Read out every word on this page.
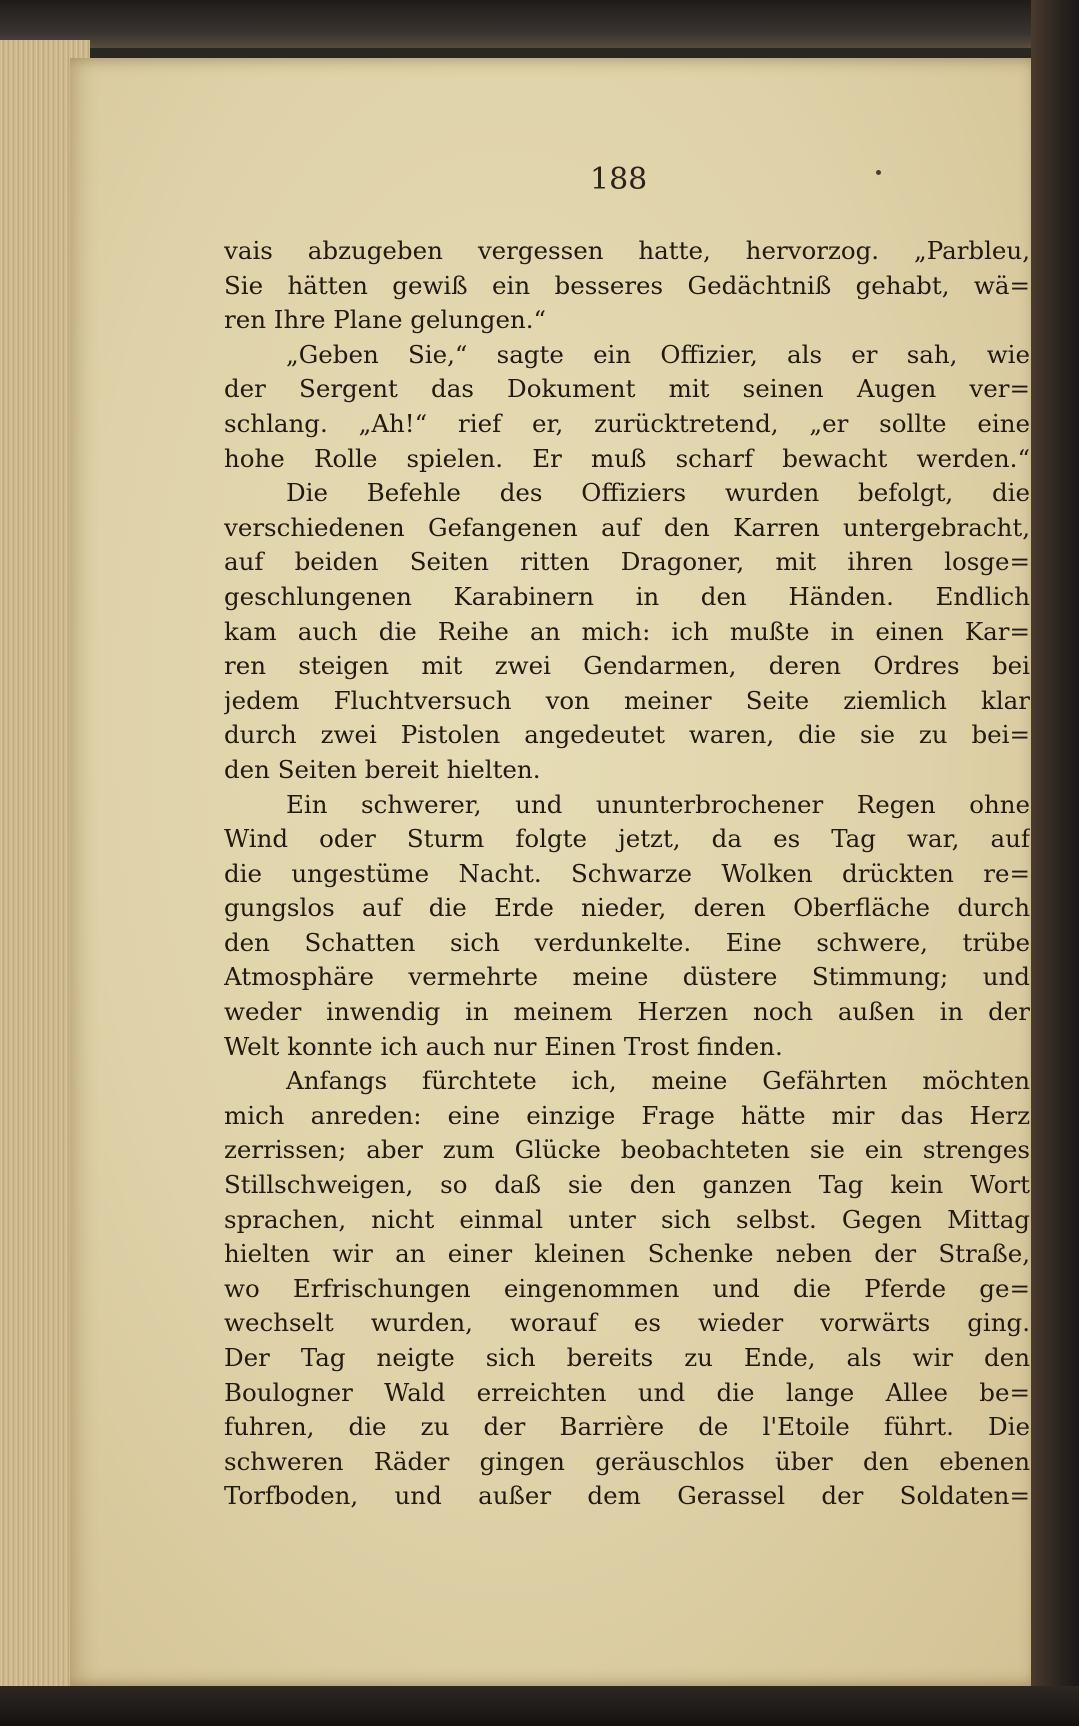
188
vais abzugeben vergessen hatte, hervorzog. „Parbleu,
Sie hätten gewiß ein besseres Gedächtniß gehabt, wä=
ren Ihre Plane gelungen.“
„Geben Sie,“ sagte ein Offizier, als er sah, wie
der Sergent das Dokument mit seinen Augen ver=
schlang. „Ah!“ rief er, zurücktretend, „er sollte eine
hohe Rolle spielen. Er muß scharf bewacht werden.“
Die Befehle des Offiziers wurden befolgt, die
verschiedenen Gefangenen auf den Karren untergebracht,
auf beiden Seiten ritten Dragoner, mit ihren losge=
geschlungenen Karabinern in den Händen. Endlich
kam auch die Reihe an mich: ich mußte in einen Kar=
ren steigen mit zwei Gendarmen, deren Ordres bei
jedem Fluchtversuch von meiner Seite ziemlich klar
durch zwei Pistolen angedeutet waren, die sie zu bei=
den Seiten bereit hielten.
Ein schwerer, und ununterbrochener Regen ohne
Wind oder Sturm folgte jetzt, da es Tag war, auf
die ungestüme Nacht. Schwarze Wolken drückten re=
gungslos auf die Erde nieder, deren Oberfläche durch
den Schatten sich verdunkelte. Eine schwere, trübe
Atmosphäre vermehrte meine düstere Stimmung; und
weder inwendig in meinem Herzen noch außen in der
Welt konnte ich auch nur Einen Trost finden.
Anfangs fürchtete ich, meine Gefährten möchten
mich anreden: eine einzige Frage hätte mir das Herz
zerrissen; aber zum Glücke beobachteten sie ein strenges
Stillschweigen, so daß sie den ganzen Tag kein Wort
sprachen, nicht einmal unter sich selbst. Gegen Mittag
hielten wir an einer kleinen Schenke neben der Straße,
wo Erfrischungen eingenommen und die Pferde ge=
wechselt wurden, worauf es wieder vorwärts ging.
Der Tag neigte sich bereits zu Ende, als wir den
Boulogner Wald erreichten und die lange Allee be=
fuhren, die zu der Barrière de l'Etoile führt. Die
schweren Räder gingen geräuschlos über den ebenen
Torfboden, und außer dem Gerassel der Soldaten=
